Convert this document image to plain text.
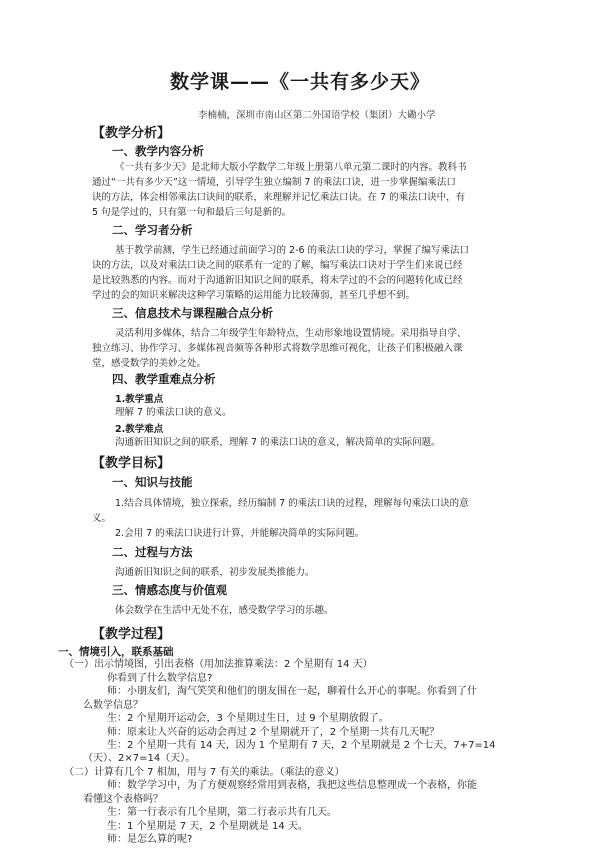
数学课——《一共有多少天》
李楠楠，深圳市南山区第二外国语学校（集团）大磡小学
【教学分析】
一、教学内容分析
《一共有多少天》是北师大版小学数学二年级上册第八单元第二课时的内容。教科书
通过“一共有多少天”这一情境，引导学生独立编制 7 的乘法口诀，进一步掌握编乘法口
诀的方法，体会相邻乘法口诀间的联系，来理解并记忆乘法口诀。在 7 的乘法口诀中，有
5 句是学过的，只有第一句和最后三句是新的。
二、学习者分析
基于教学前测，学生已经通过前面学习的 2-6 的乘法口诀的学习，掌握了编写乘法口
诀的方法，以及对乘法口诀之间的联系有一定的了解，编写乘法口诀对于学生们来说已经
是比较熟悉的内容。而对于沟通新旧知识之间的联系，将未学过的不会的问题转化成已经
学过的会的知识来解决这种学习策略的运用能力比较薄弱，甚至几乎想不到。
三、信息技术与课程融合点分析
灵活利用多媒体，结合二年级学生年龄特点，生动形象地设置情境。采用指导自学、
独立练习、协作学习、多媒体视音频等各种形式将数学思维可视化，让孩子们积极融入课
堂，感受数学的美妙之处。
四、教学重难点分析
1.教学重点
理解 7 的乘法口诀的意义。
2.教学难点
沟通新旧知识之间的联系，理解 7 的乘法口诀的意义，解决简单的实际问题。
【教学目标】
一、知识与技能
1.结合具体情境，独立探索，经历编制 7 的乘法口诀的过程，理解每句乘法口诀的意
义。
2.会用 7 的乘法口诀进行计算，并能解决简单的实际问题。
二、过程与方法
沟通新旧知识之间的联系，初步发展类推能力。
三、情感态度与价值观
体会数学在生活中无处不在，感受数学学习的乐趣。
【教学过程】
一、情境引入，联系基础
（一）出示情境图，引出表格（用加法推算乘法：2 个星期有 14 天）
你看到了什么数学信息?
师：小朋友们，淘气笑笑和他们的朋友围在一起，聊着什么开心的事呢。你看到了什
么数学信息？
生：2 个星期开运动会，3 个星期过生日，过 9 个星期放假了。
师：原来让人兴奋的运动会再过 2 个星期就开了，2 个星期一共有几天呢？
生：2 个星期一共有 14 天，因为 1 个星期有 7 天，2 个星期就是 2 个七天，7+7=14
（天）、2×7=14（天）。
（二）计算有几个 7 相加，用与 7 有关的乘法。（乘法的意义）
师：数学学习中，为了方便观察经常用到表格，我把这些信息整理成一个表格，你能
看懂这个表格吗？
生：第一行表示有几个星期，第二行表示共有几天。
生：1 个星期是 7 天，2 个星期就是 14 天。
师：是怎么算的呢?
